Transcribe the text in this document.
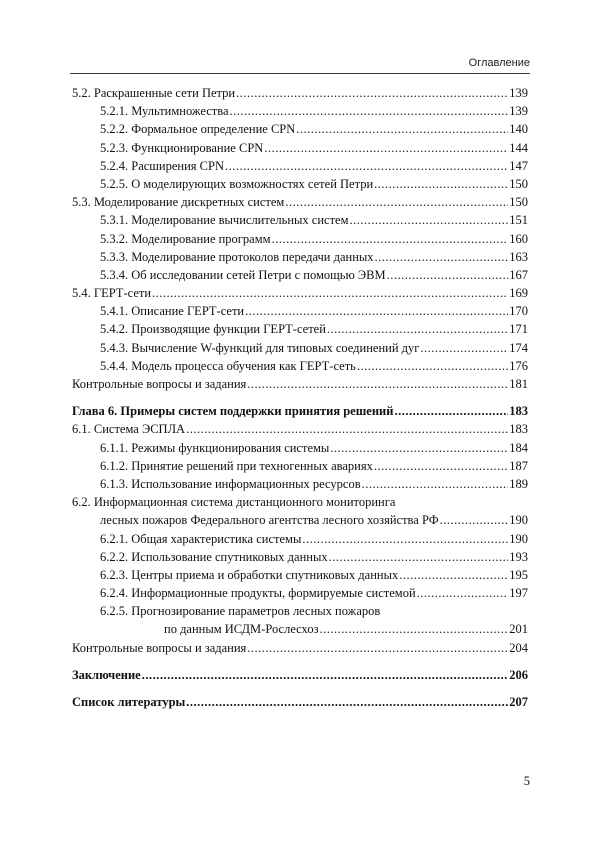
Оглавление
5.2. Раскрашенные сети Петри .....	139
5.2.1. Мультимножества .....	139
5.2.2. Формальное определение CPN .....	140
5.2.3. Функционирование CPN .....	144
5.2.4. Расширения CPN .....	147
5.2.5. О моделирующих возможностях сетей Петри .....	150
5.3. Моделирование дискретных систем .....	150
5.3.1. Моделирование вычислительных систем .....	151
5.3.2. Моделирование программ .....	160
5.3.3. Моделирование протоколов передачи данных .....	163
5.3.4. Об исследовании сетей Петри с помощью ЭВМ .....	167
5.4. ГЕРТ-сети .....	169
5.4.1. Описание ГЕРТ-сети .....	170
5.4.2. Производящие функции ГЕРТ-сетей .....	171
5.4.3. Вычисление W-функций для типовых соединений дуг .....	174
5.4.4. Модель процесса обучения как ГЕРТ-сеть .....	176
Контрольные вопросы и задания .....	181
Глава 6. Примеры систем поддержки принятия решений .....	183
6.1. Система ЭСПЛА .....	183
6.1.1. Режимы функционирования системы .....	184
6.1.2. Принятие решений при техногенных авариях .....	187
6.1.3. Использование информационных ресурсов .....	189
6.2. Информационная система дистанционного мониторинга
лесных пожаров Федерального агентства лесного хозяйства РФ .....	190
6.2.1. Общая характеристика системы .....	190
6.2.2. Использование спутниковых данных .....	193
6.2.3. Центры приема и обработки спутниковых данных .....	195
6.2.4. Информационные продукты, формируемые системой .....	197
6.2.5. Прогнозирование параметров лесных пожаров
по данным ИСДМ-Рослесхоз .....	201
Контрольные вопросы и задания .....	204
Заключение .....	206
Список литературы .....	207
5
